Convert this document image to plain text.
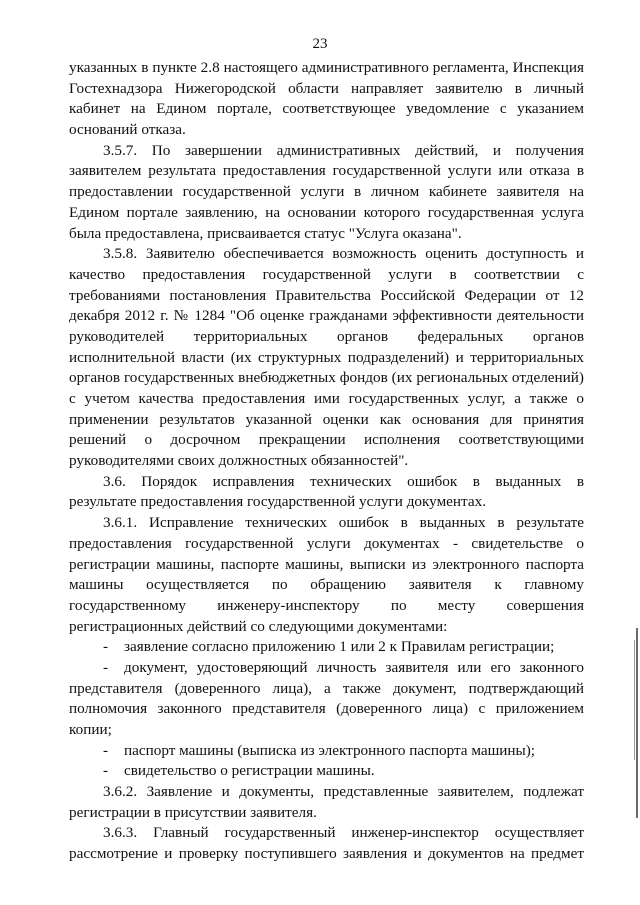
23
указанных в пункте 2.8 настоящего административного регламента, Инспекция
Гостехнадзора Нижегородской области направляет заявителю в личный
кабинет на Едином портале, соответствующее уведомление с указанием
оснований отказа.
3.5.7. По завершении административных действий, и получения
заявителем результата предоставления государственной услуги или отказа в
предоставлении государственной услуги в личном кабинете заявителя на
Едином портале заявлению, на основании которого государственная услуга
была предоставлена, присваивается статус "Услуга оказана".
3.5.8. Заявителю обеспечивается возможность оценить доступность и
качество предоставления государственной услуги в соответствии с
требованиями постановления Правительства Российской Федерации от 12
декабря 2012 г. № 1284 "Об оценке гражданами эффективности деятельности
руководителей территориальных органов федеральных органов
исполнительной власти (их структурных подразделений) и территориальных
органов государственных внебюджетных фондов (их региональных отделений)
с учетом качества предоставления ими государственных услуг, а также о
применении результатов указанной оценки как основания для принятия
решений о досрочном прекращении исполнения соответствующими
руководителями своих должностных обязанностей".
3.6. Порядок исправления технических ошибок в выданных в
результате предоставления государственной услуги документах.
3.6.1. Исправление технических ошибок в выданных в результате
предоставления государственной услуги документах - свидетельстве о
регистрации машины, паспорте машины, выписки из электронного паспорта
машины осуществляется по обращению заявителя к главному
государственному инженеру-инспектору по месту совершения
регистрационных действий со следующими документами:
- заявление согласно приложению 1 или 2 к Правилам регистрации;
- документ, удостоверяющий личность заявителя или его законного
представителя (доверенного лица), а также документ, подтверждающий
полномочия законного представителя (доверенного лица) с приложением
копии;
- паспорт машины (выписка из электронного паспорта машины);
- свидетельство о регистрации машины.
3.6.2. Заявление и документы, представленные заявителем, подлежат
регистрации в присутствии заявителя.
3.6.3. Главный государственный инженер-инспектор осуществляет
рассмотрение и проверку поступившего заявления и документов на предмет
